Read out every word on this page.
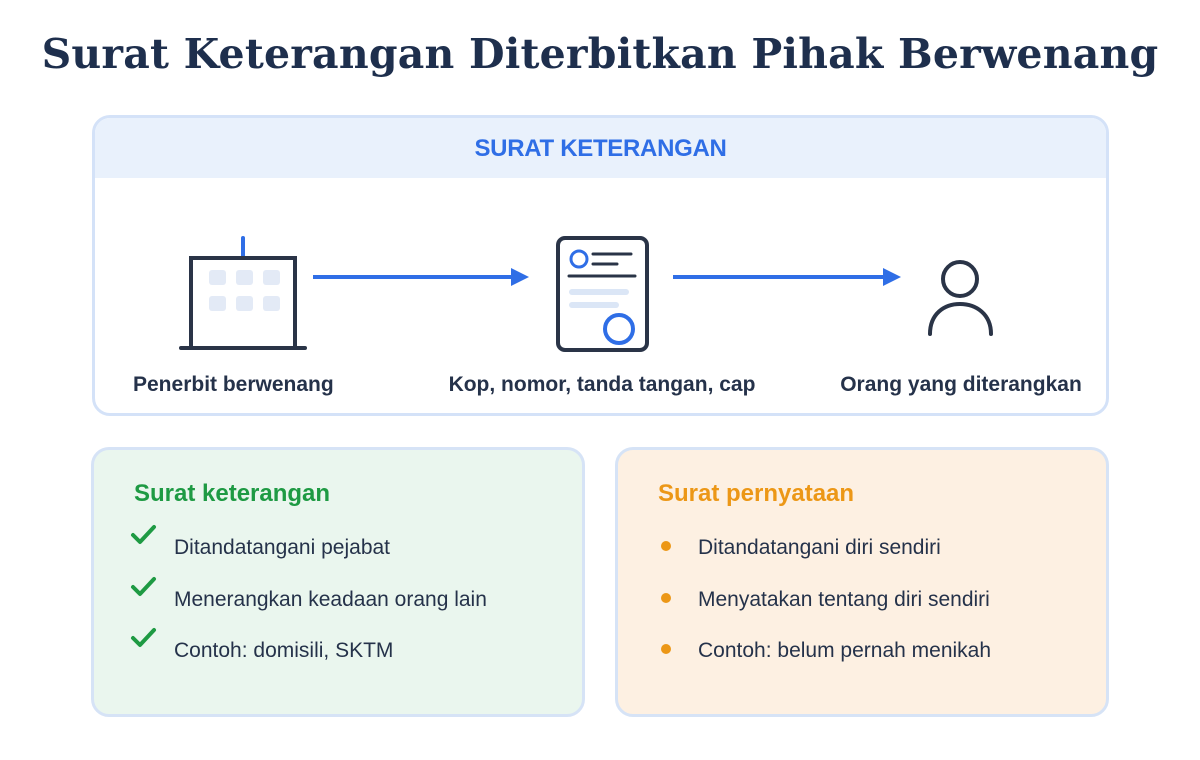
Surat Keterangan Diterbitkan Pihak Berwenang
SURAT KETERANGAN
Penerbit berwenang	Kop, nomor, tanda tangan, cap	Orang yang diterangkan
Surat keterangan
Ditandatangani pejabat
Menerangkan keadaan orang lain
Contoh: domisili, SKTM
Surat pernyataan
Ditandatangani diri sendiri
Menyatakan tentang diri sendiri
Contoh: belum pernah menikah
